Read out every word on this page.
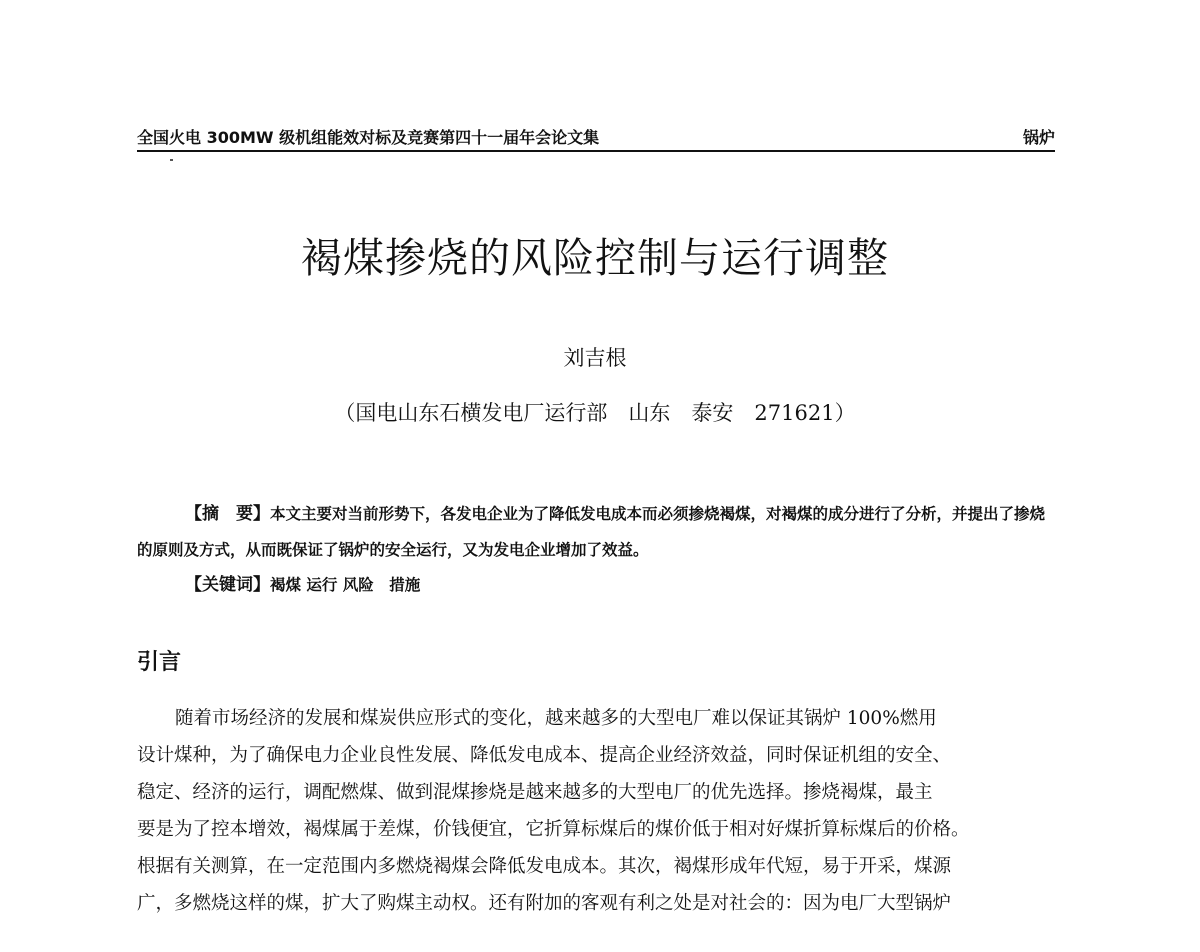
全国火电 300MW 级机组能效对标及竞赛第四十一届年会论文集	锅炉
褐煤掺烧的风险控制与运行调整
刘吉根
（国电山东石横发电厂运行部　山东　泰安　271621）
【摘　要】本文主要对当前形势下，各发电企业为了降低发电成本而必须掺烧褐煤，对褐煤的成分进行了分析，并提出了掺烧的原则及方式，从而既保证了锅炉的安全运行，又为发电企业增加了效益。
【关键词】褐煤 运行 风险　措施
引言
随着市场经济的发展和煤炭供应形式的变化，越来越多的大型电厂难以保证其锅炉 100%燃用
设计煤种，为了确保电力企业良性发展、降低发电成本、提高企业经济效益，同时保证机组的安全、
稳定、经济的运行，调配燃煤、做到混煤掺烧是越来越多的大型电厂的优先选择。掺烧褐煤，最主
要是为了控本增效，褐煤属于差煤，价钱便宜，它折算标煤后的煤价低于相对好煤折算标煤后的价格。
根据有关测算，在一定范围内多燃烧褐煤会降低发电成本。其次，褐煤形成年代短，易于开采，煤源
广，多燃烧这样的煤，扩大了购煤主动权。还有附加的客观有利之处是对社会的：因为电厂大型锅炉
